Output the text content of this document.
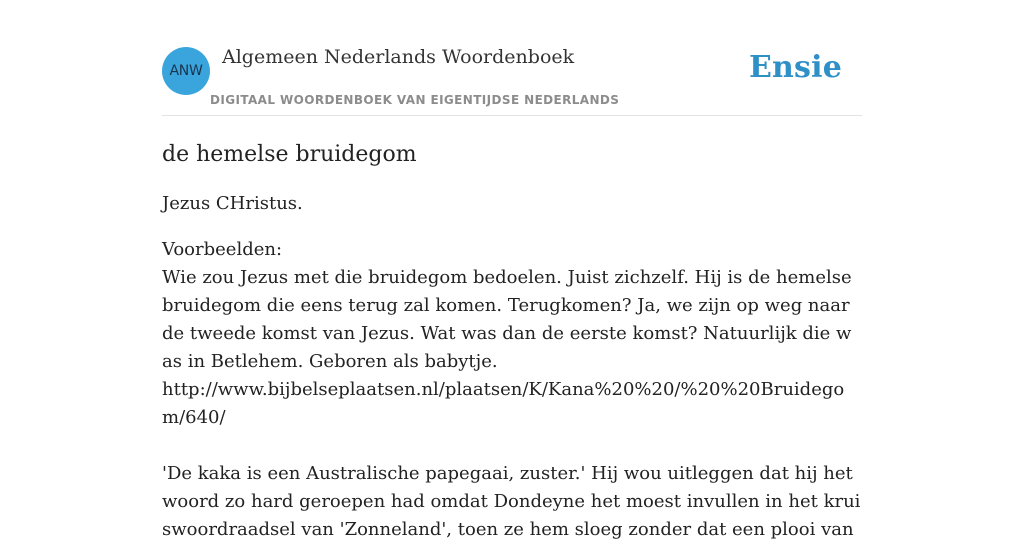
ANW
Algemeen Nederlands Woordenboek
DIGITAAL WOORDENBOEK VAN EIGENTIJDSE NEDERLANDS
Ensie
de hemelse bruidegom

Jezus CHristus.

Voorbeelden:
Wie zou Jezus met die bruidegom bedoelen. Juist zichzelf. Hij is de hemelse bruidegom die eens terug zal komen. Terugkomen? Ja, we zijn op weg naar de tweede komst van Jezus. Wat was dan de eerste komst? Natuurlijk die was in Betlehem. Geboren als babytje.
http://www.bijbelseplaatsen.nl/plaatsen/K/Kana%20%20/%20%20Bruidegom/640/
'De kaka is een Australische papegaai, zuster.' Hij wou uitleggen dat hij het woord zo hard geroepen had omdat Dondeyne het moest invullen in het kruiswoordraadsel van 'Zonneland', toen ze hem sloeg zonder dat een plooi van
